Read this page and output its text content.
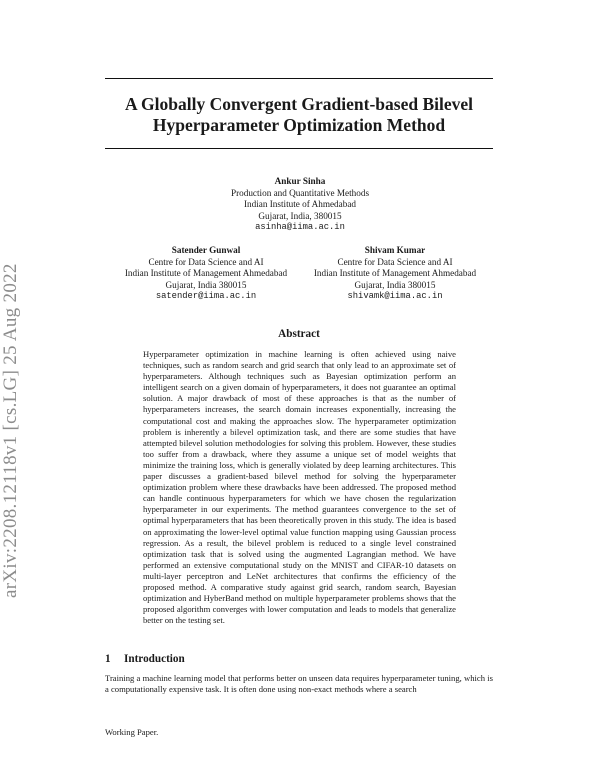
arXiv:2208.12118v1 [cs.LG] 25 Aug 2022
A Globally Convergent Gradient-based Bilevel
Hyperparameter Optimization Method
Ankur Sinha
Production and Quantitative Methods
Indian Institute of Ahmedabad
Gujarat, India, 380015
asinha@iima.ac.in
Satender Gunwal
Centre for Data Science and AI
Indian Institute of Management Ahmedabad
Gujarat, India 380015
satender@iima.ac.in
Shivam Kumar
Centre for Data Science and AI
Indian Institute of Management Ahmedabad
Gujarat, India 380015
shivamk@iima.ac.in
Abstract

Hyperparameter optimization in machine learning is often achieved using naive techniques, such as random search and grid search that only lead to an approximate set of hyperparameters. Although techniques such as Bayesian optimization perform an intelligent search on a given domain of hyperparameters, it does not guarantee an optimal solution. A major drawback of most of these approaches is that as the number of hyperparameters increases, the search domain increases exponentially, increasing the computational cost and making the approaches slow. The hyperparameter optimization problem is inherently a bilevel optimization task, and there are some studies that have attempted bilevel solution methodologies for solving this problem. However, these studies too suffer from a drawback, where they assume a unique set of model weights that minimize the training loss, which is generally violated by deep learning architectures. This paper discusses a gradient-based bilevel method for solving the hyperparameter optimization problem where these drawbacks have been addressed. The proposed method can handle continuous hyperparameters for which we have chosen the regularization hyperparameter in our experiments. The method guarantees convergence to the set of optimal hyperparameters that has been theoretically proven in this study. The idea is based on approximating the lower-level optimal value function mapping using Gaussian process regression. As a result, the bilevel problem is reduced to a single level constrained optimization task that is solved using the augmented Lagrangian method. We have performed an extensive computational study on the MNIST and CIFAR-10 datasets on multi-layer perceptron and LeNet architectures that confirms the efficiency of the proposed method. A comparative study against grid search, random search, Bayesian optimization and HyberBand method on multiple hyperparameter problems shows that the proposed algorithm converges with lower computation and leads to models that generalize better on the testing set.

1 Introduction

Training a machine learning model that performs better on unseen data requires hyperparameter tuning, which is a computationally expensive task. It is often done using non-exact methods where a search

Working Paper.
